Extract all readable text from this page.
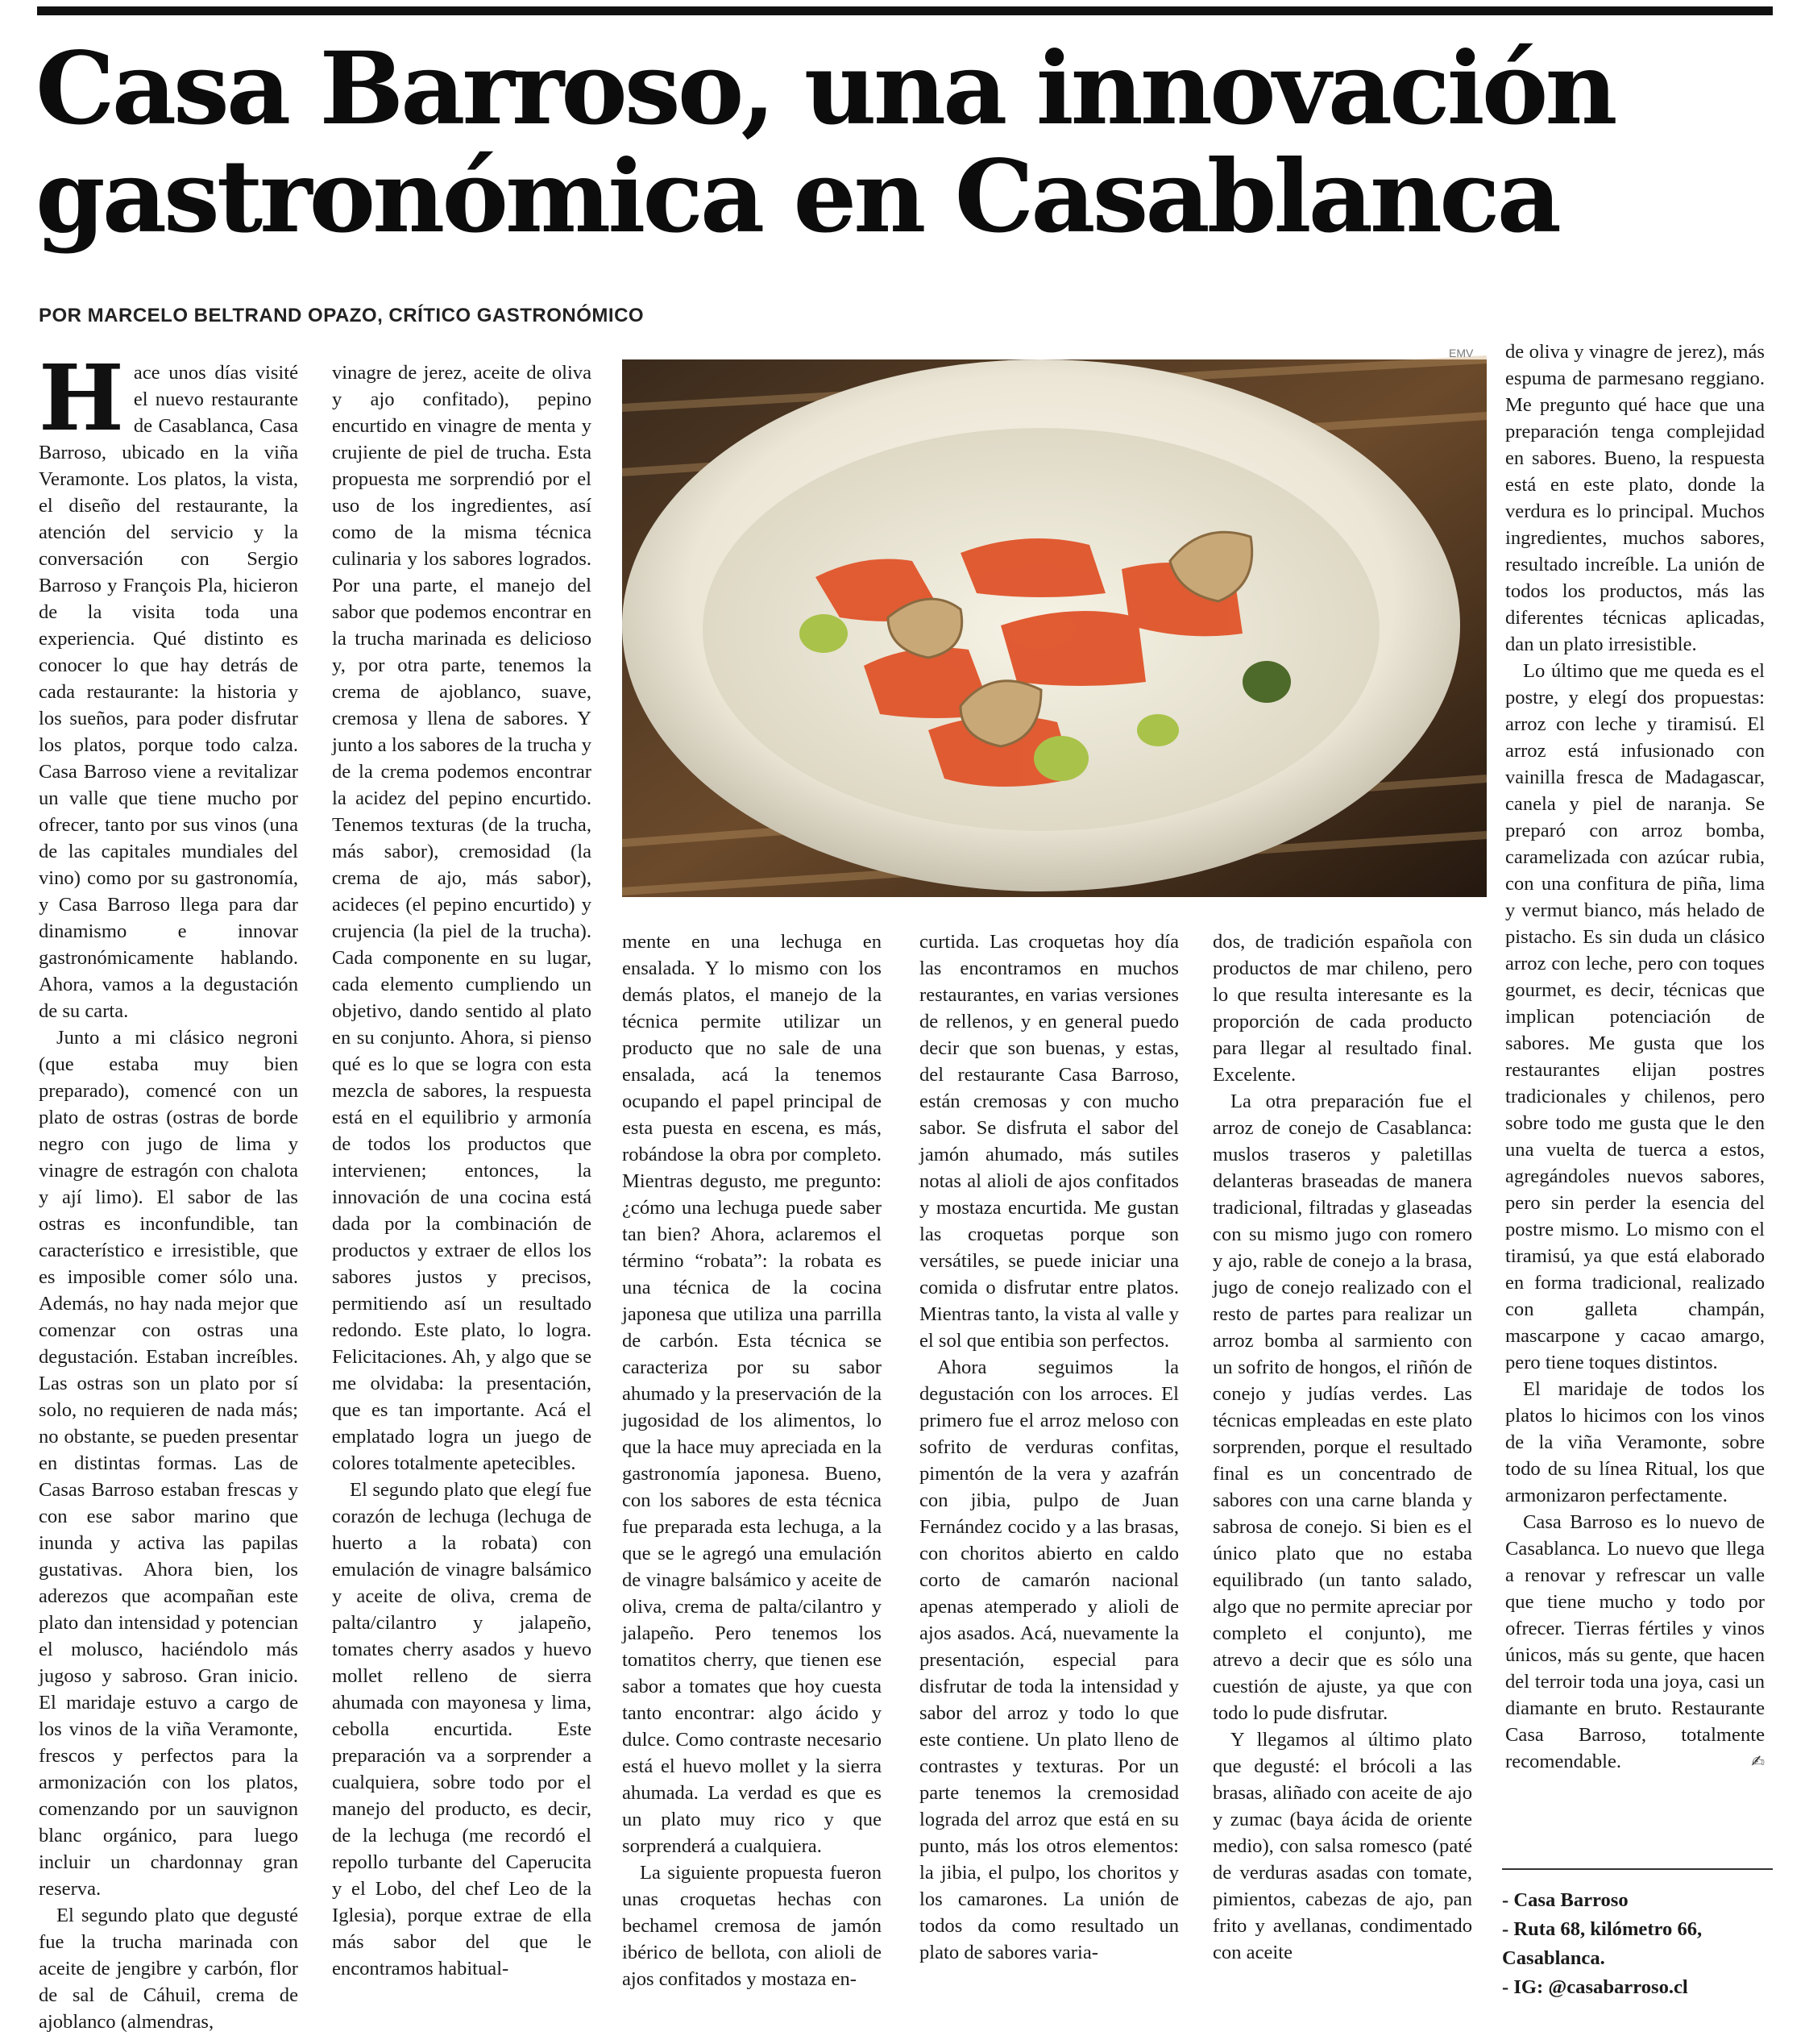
Casa Barroso, una innovación
gastronómica en Casablanca
POR MARCELO BELTRAND OPAZO, CRÍTICO GASTRONÓMICO

Hace unos días visité el nuevo restaurante de Casablanca, Casa Barroso, ubicado en la viña Veramonte. Los platos, la vista, el diseño del restaurante, la atención del servicio y la conversación con Sergio Barroso y François Pla, hicieron de la visita toda una experiencia. Qué distinto es conocer lo que hay detrás de cada restaurante: la historia y los sueños, para poder disfrutar los platos, porque todo calza. Casa Barroso viene a revitalizar un valle que tiene mucho por ofrecer, tanto por sus vinos (una de las capitales mundiales del vino) como por su gastronomía, y Casa Barroso llega para dar dinamismo e innovar gastronómicamente hablando. Ahora, vamos a la degustación de su carta.

Junto a mi clásico negroni (que estaba muy bien preparado), comencé con un plato de ostras (ostras de borde negro con jugo de lima y vinagre de estragón con chalota y ají limo). El sabor de las ostras es inconfundible, tan característico e irresistible, que es imposible comer sólo una. Además, no hay nada mejor que comenzar con ostras una degustación. Estaban increíbles. Las ostras son un plato por sí solo, no requieren de nada más; no obstante, se pueden presentar en distintas formas. Las de Casas Barroso estaban frescas y con ese sabor marino que inunda y activa las papilas gustativas. Ahora bien, los aderezos que acompañan este plato dan intensidad y potencian el molusco, haciéndolo más jugoso y sabroso. Gran inicio. El maridaje estuvo a cargo de los vinos de la viña Veramonte, frescos y perfectos para la armonización con los platos, comenzando por un sauvignon blanc orgánico, para luego incluir un chardonnay gran reserva.

El segundo plato que degusté fue la trucha marinada con aceite de jengibre y carbón, flor de sal de Cáhuil, crema de ajoblanco (almendras,

vinagre de jerez, aceite de oliva y ajo confitado), pepino encurtido en vinagre de menta y crujiente de piel de trucha. Esta propuesta me sorprendió por el uso de los ingredientes, así como de la misma técnica culinaria y los sabores logrados. Por una parte, el manejo del sabor que podemos encontrar en la trucha marinada es delicioso y, por otra parte, tenemos la crema de ajoblanco, suave, cremosa y llena de sabores. Y junto a los sabores de la trucha y de la crema podemos encontrar la acidez del pepino encurtido. Tenemos texturas (de la trucha, más sabor), cremosidad (la crema de ajo, más sabor), acideces (el pepino encurtido) y crujencia (la piel de la trucha). Cada componente en su lugar, cada elemento cumpliendo un objetivo, dando sentido al plato en su conjunto. Ahora, si pienso qué es lo que se logra con esta mezcla de sabores, la respuesta está en el equilibrio y armonía de todos los productos que intervienen; entonces, la innovación de una cocina está dada por la combinación de productos y extraer de ellos los sabores justos y precisos, permitiendo así un resultado redondo. Este plato, lo logra. Felicitaciones. Ah, y algo que se me olvidaba: la presentación, que es tan importante. Acá el emplatado logra un juego de colores totalmente apetecibles.

El segundo plato que elegí fue corazón de lechuga (lechuga de huerto a la robata) con emulación de vinagre balsámico y aceite de oliva, crema de palta/cilantro y jalapeño, tomates cherry asados y huevo mollet relleno de sierra ahumada con mayonesa y lima, cebolla encurtida. Este preparación va a sorprender a cualquiera, sobre todo por el manejo del producto, es decir, de la lechuga (me recordó el repollo turbante del Caperucita y el Lobo, del chef Leo de la Iglesia), porque extrae de ella más sabor del que le encontramos habitual-

EMV

mente en una lechuga en ensalada. Y lo mismo con los demás platos, el manejo de la técnica permite utilizar un producto que no sale de una ensalada, acá la tenemos ocupando el papel principal de esta puesta en escena, es más, robándose la obra por completo. Mientras degusto, me pregunto: ¿cómo una lechuga puede saber tan bien? Ahora, aclaremos el término “robata”: la robata es una técnica de la cocina japonesa que utiliza una parrilla de carbón. Esta técnica se caracteriza por su sabor ahumado y la preservación de la jugosidad de los alimentos, lo que la hace muy apreciada en la gastronomía japonesa. Bueno, con los sabores de esta técnica fue preparada esta lechuga, a la que se le agregó una emulación de vinagre balsámico y aceite de oliva, crema de palta/cilantro y jalapeño. Pero tenemos los tomatitos cherry, que tienen ese sabor a tomates que hoy cuesta tanto encontrar: algo ácido y dulce. Como contraste necesario está el huevo mollet y la sierra ahumada. La verdad es que es un plato muy rico y que sorprenderá a cualquiera.

La siguiente propuesta fueron unas croquetas hechas con bechamel cremosa de jamón ibérico de bellota, con alioli de ajos confitados y mostaza en-

curtida. Las croquetas hoy día las encontramos en muchos restaurantes, en varias versiones de rellenos, y en general puedo decir que son buenas, y estas, del restaurante Casa Barroso, están cremosas y con mucho sabor. Se disfruta el sabor del jamón ahumado, más sutiles notas al alioli de ajos confitados y mostaza encurtida. Me gustan las croquetas porque son versátiles, se puede iniciar una comida o disfrutar entre platos. Mientras tanto, la vista al valle y el sol que entibia son perfectos.

Ahora seguimos la degustación con los arroces. El primero fue el arroz meloso con sofrito de verduras confitas, pimentón de la vera y azafrán con jibia, pulpo de Juan Fernández cocido y a las brasas, con choritos abierto en caldo corto de camarón nacional apenas atemperado y alioli de ajos asados. Acá, nuevamente la presentación, especial para disfrutar de toda la intensidad y sabor del arroz y todo lo que este contiene. Un plato lleno de contrastes y texturas. Por un parte tenemos la cremosidad lograda del arroz que está en su punto, más los otros elementos: la jibia, el pulpo, los choritos y los camarones. La unión de todos da como resultado un plato de sabores varia-

dos, de tradición española con productos de mar chileno, pero lo que resulta interesante es la proporción de cada producto para llegar al resultado final. Excelente.

La otra preparación fue el arroz de conejo de Casablanca: muslos traseros y paletillas delanteras braseadas de manera tradicional, filtradas y glaseadas con su mismo jugo con romero y ajo, rable de conejo a la brasa, jugo de conejo realizado con el resto de partes para realizar un arroz bomba al sarmiento con un sofrito de hongos, el riñón de conejo y judías verdes. Las técnicas empleadas en este plato sorprenden, porque el resultado final es un concentrado de sabores con una carne blanda y sabrosa de conejo. Si bien es el único plato que no estaba equilibrado (un tanto salado, algo que no permite apreciar por completo el conjunto), me atrevo a decir que es sólo una cuestión de ajuste, ya que con todo lo pude disfrutar.

Y llegamos al último plato que degusté: el brócoli a las brasas, aliñado con aceite de ajo y zumac (baya ácida de oriente medio), con salsa romesco (paté de verduras asadas con tomate, pimientos, cabezas de ajo, pan frito y avellanas, condimentado con aceite

de oliva y vinagre de jerez), más espuma de parmesano reggiano. Me pregunto qué hace que una preparación tenga complejidad en sabores. Bueno, la respuesta está en este plato, donde la verdura es lo principal. Muchos ingredientes, muchos sabores, resultado increíble. La unión de todos los productos, más las diferentes técnicas aplicadas, dan un plato irresistible.

Lo último que me queda es el postre, y elegí dos propuestas: arroz con leche y tiramisú. El arroz está infusionado con vainilla fresca de Madagascar, canela y piel de naranja. Se preparó con arroz bomba, caramelizada con azúcar rubia, con una confitura de piña, lima y vermut bianco, más helado de pistacho. Es sin duda un clásico arroz con leche, pero con toques gourmet, es decir, técnicas que implican potenciación de sabores. Me gusta que los restaurantes elijan postres tradicionales y chilenos, pero sobre todo me gusta que le den una vuelta de tuerca a estos, agregándoles nuevos sabores, pero sin perder la esencia del postre mismo. Lo mismo con el tiramisú, ya que está elaborado en forma tradicional, realizado con galleta champán, mascarpone y cacao amargo, pero tiene toques distintos.

El maridaje de todos los platos lo hicimos con los vinos de la viña Veramonte, sobre todo de su línea Ritual, los que armonizaron perfectamente.

Casa Barroso es lo nuevo de Casablanca. Lo nuevo que llega a renovar y refrescar un valle que tiene mucho y todo por ofrecer. Tierras fértiles y vinos únicos, más su gente, que hacen del terroir toda una joya, casi un diamante en bruto. Restaurante Casa Barroso, totalmente recomendable.	✍

- Casa Barroso
- Ruta 68, kilómetro 66,
Casablanca.
- IG: @casabarroso.cl
